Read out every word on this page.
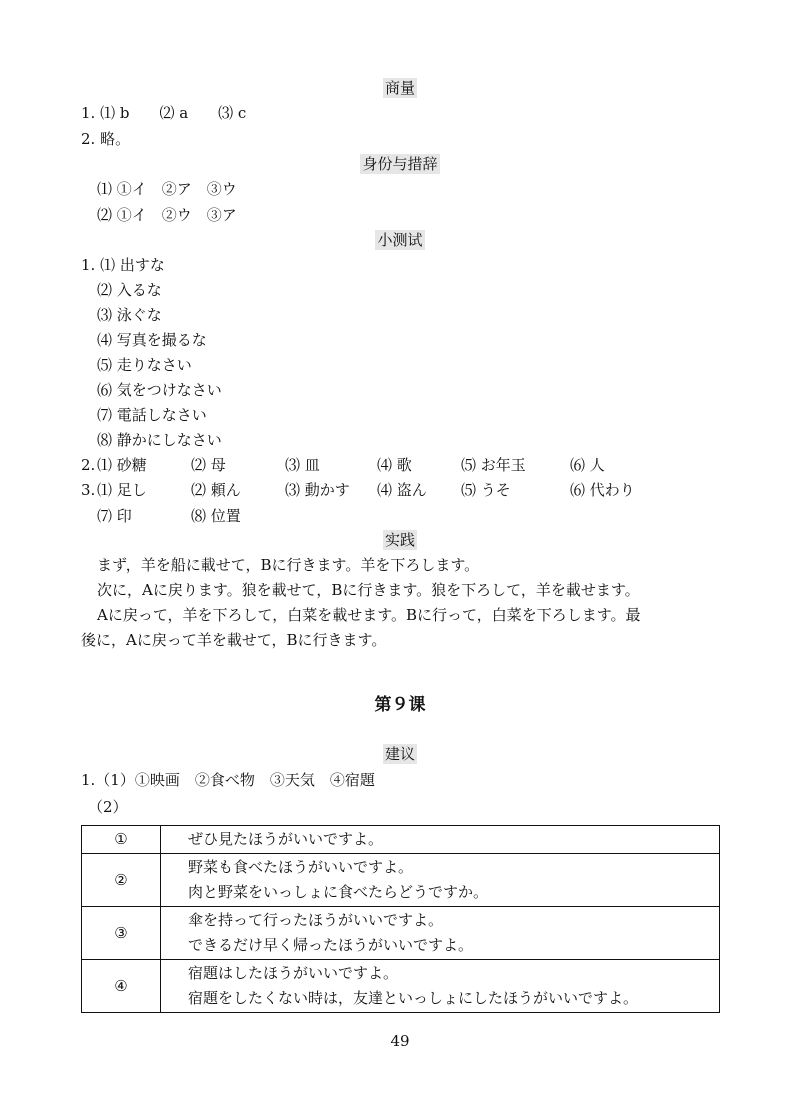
商量
1. ⑴ b　　⑵ a　　⑶ c
2. 略。
身份与措辞
⑴ ①イ　②ア　③ウ
⑵ ①イ　②ウ　③ア
小测试
1. ⑴ 出すな
⑵ 入るな
⑶ 泳ぐな
⑷ 写真を撮るな
⑸ 走りなさい
⑹ 気をつけなさい
⑺ 電話しなさい
⑻ 静かにしなさい
2. ⑴ 砂糖	⑵ 母	⑶ 皿	⑷ 歌	⑸ お年玉	⑹ 人
3. ⑴ 足し	⑵ 頼ん	⑶ 動かす ⑷ 盗ん ⑸ うそ	⑹ 代わり
⑺ 印	⑻ 位置
实践
まず，羊を船に載せて，Bに行きます。羊を下ろします。
次に，Aに戻ります。狼を載せて，Bに行きます。狼を下ろして，羊を載せます。
Aに戻って，羊を下ろして，白菜を載せます。Bに行って，白菜を下ろします。最
後に，Aに戻って羊を載せて，Bに行きます。
第９课
建议
1.（1）①映画　②食べ物　③天気　④宿題
（2）
①	ぜひ見たほうがいいですよ。

②	野菜も食べたほうがいいですよ。
肉と野菜をいっしょに食べたらどうですか。

③	傘を持って行ったほうがいいですよ。
できるだけ早く帰ったほうがいいですよ。

④	宿題はしたほうがいいですよ。
宿題をしたくない時は，友達といっしょにしたほうがいいですよ。
49
